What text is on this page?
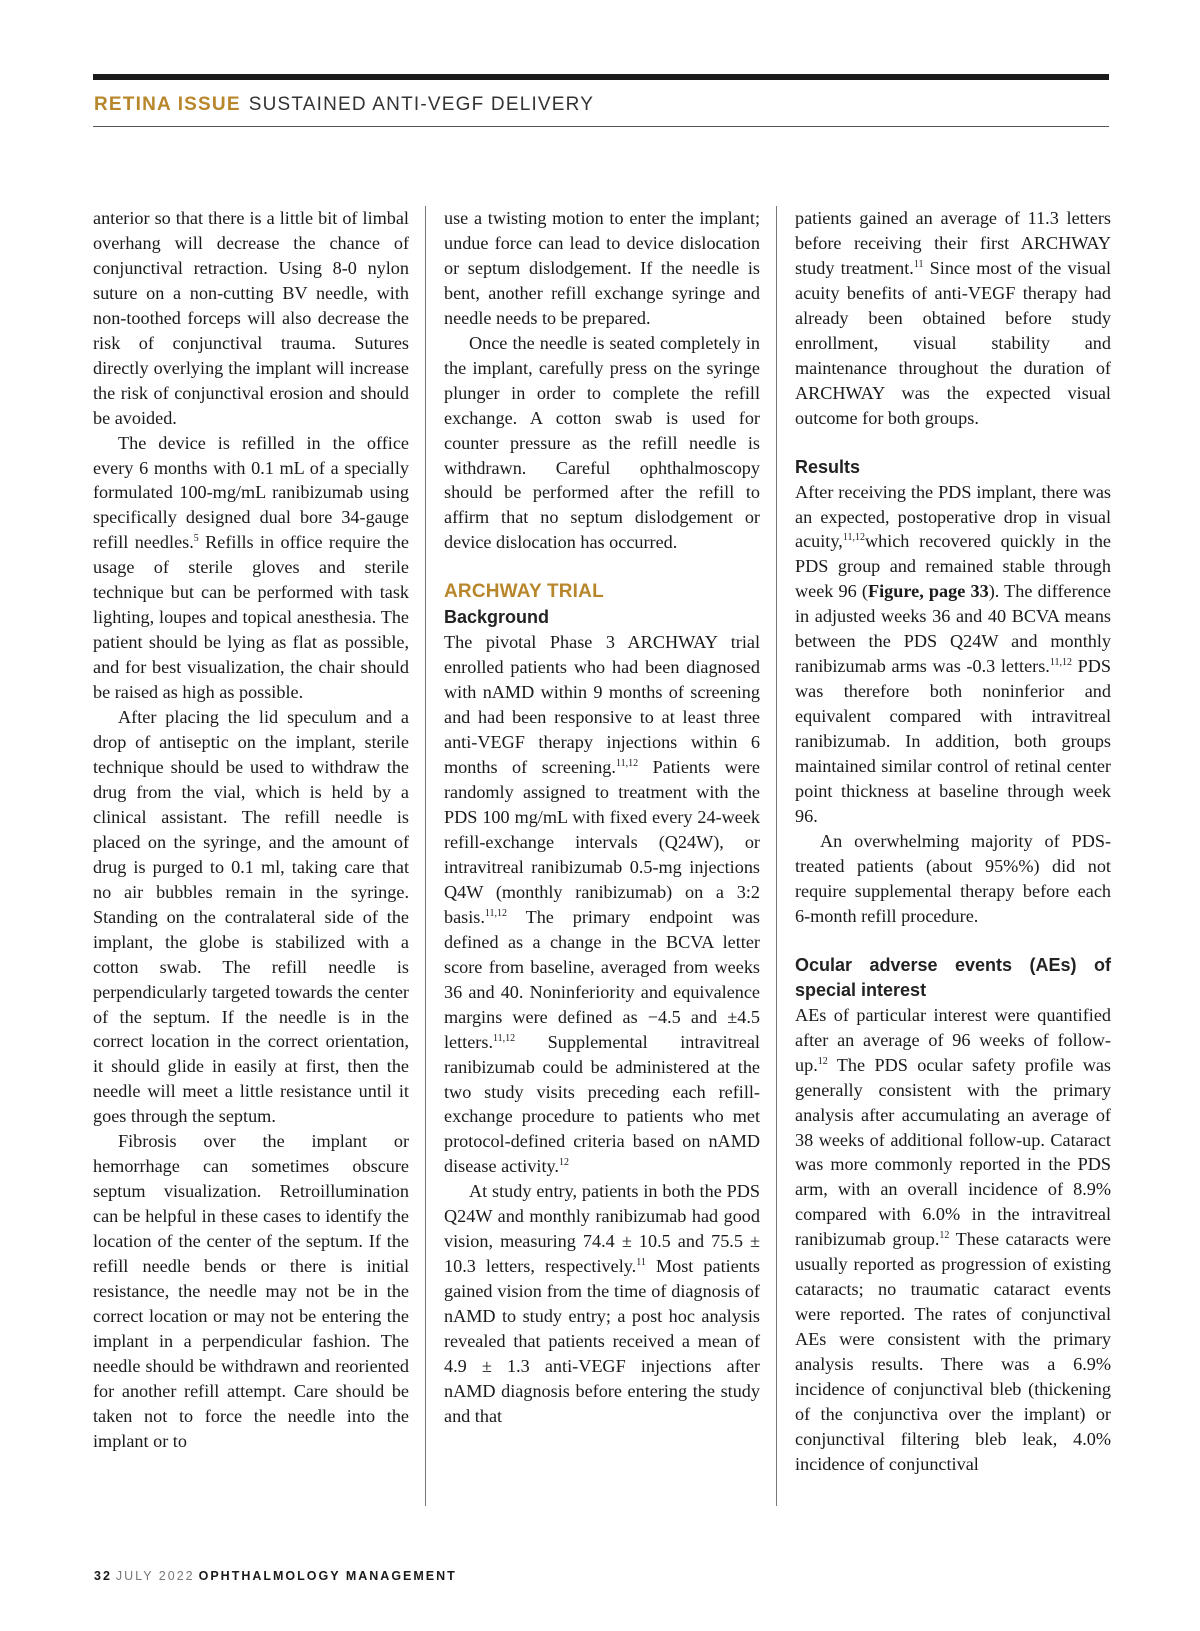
RETINA ISSUE SUSTAINED ANTI-VEGF DELIVERY

anterior so that there is a little bit of limbal overhang will decrease the chance of conjunctival retraction. Using 8-0 nylon suture on a non-cutting BV needle, with non-toothed forceps will also decrease the risk of conjunctival trauma. Sutures directly overlying the implant will increase the risk of conjunctival erosion and should be avoided.

The device is refilled in the office every 6 months with 0.1 mL of a specially formulated 100-mg/mL ranibizumab using specifically designed dual bore 34-gauge refill needles.$^5$ Refills in office require the usage of sterile gloves and sterile technique but can be performed with task lighting, loupes and topical anesthesia. The patient should be lying as flat as possible, and for best visualization, the chair should be raised as high as possible.

After placing the lid speculum and a drop of antiseptic on the implant, sterile technique should be used to withdraw the drug from the vial, which is held by a clinical assistant. The refill needle is placed on the syringe, and the amount of drug is purged to 0.1 ml, taking care that no air bubbles remain in the syringe. Standing on the contralateral side of the implant, the globe is stabilized with a cotton swab. The refill needle is perpendicularly targeted towards the center of the septum. If the needle is in the correct location in the correct orientation, it should glide in easily at first, then the needle will meet a little resistance until it goes through the septum.

Fibrosis over the implant or hemorrhage can sometimes obscure septum visualization. Retroillumination can be helpful in these cases to identify the location of the center of the septum. If the refill needle bends or there is initial resistance, the needle may not be in the correct location or may not be entering the implant in a perpendicular fashion. The needle should be withdrawn and reoriented for another refill attempt. Care should be taken not to force the needle into the implant or to

use a twisting motion to enter the implant; undue force can lead to device dislocation or septum dislodgement. If the needle is bent, another refill exchange syringe and needle needs to be prepared.

Once the needle is seated completely in the implant, carefully press on the syringe plunger in order to complete the refill exchange. A cotton swab is used for counter pressure as the refill needle is withdrawn. Careful ophthalmoscopy should be performed after the refill to affirm that no septum dislodgement or device dislocation has occurred.

ARCHWAY TRIAL

Background

The pivotal Phase 3 ARCHWAY trial enrolled patients who had been diagnosed with nAMD within 9 months of screening and had been responsive to at least three anti-VEGF therapy injections within 6 months of screening.$^{11,12}$ Patients were randomly assigned to treatment with the PDS 100 mg/mL with fixed every 24-week refill-exchange intervals (Q24W), or intravitreal ranibizumab 0.5-mg injections Q4W (monthly ranibizumab) on a 3:2 basis.$^{11,12}$ The primary endpoint was defined as a change in the BCVA letter score from baseline, averaged from weeks 36 and 40. Noninferiority and equivalence margins were defined as −4.5 and ±4.5 letters.$^{11,12}$ Supplemental intravitreal ranibizumab could be administered at the two study visits preceding each refill-exchange procedure to patients who met protocol-defined criteria based on nAMD disease activity.$^{12}$

At study entry, patients in both the PDS Q24W and monthly ranibizumab had good vision, measuring 74.4 ± 10.5 and 75.5 ± 10.3 letters, respectively.$^{11}$ Most patients gained vision from the time of diagnosis of nAMD to study entry; a post hoc analysis revealed that patients received a mean of 4.9 ± 1.3 anti-VEGF injections after nAMD diagnosis before entering the study and that

patients gained an average of 11.3 letters before receiving their first ARCHWAY study treatment.$^{11}$ Since most of the visual acuity benefits of anti-VEGF therapy had already been obtained before study enrollment, visual stability and maintenance throughout the duration of ARCHWAY was the expected visual outcome for both groups.

Results

After receiving the PDS implant, there was an expected, postoperative drop in visual acuity,$^{11,12}$which recovered quickly in the PDS group and remained stable through week 96 (Figure, page 33). The difference in adjusted weeks 36 and 40 BCVA means between the PDS Q24W and monthly ranibizumab arms was -0.3 letters.$^{11,12}$ PDS was therefore both noninferior and equivalent compared with intravitreal ranibizumab. In addition, both groups maintained similar control of retinal center point thickness at baseline through week 96.

An overwhelming majority of PDS-treated patients (about 95%%) did not require supplemental therapy before each 6-month refill procedure.

Ocular adverse events (AEs) of special interest

AEs of particular interest were quantified after an average of 96 weeks of follow-up.$^{12}$ The PDS ocular safety profile was generally consistent with the primary analysis after accumulating an average of 38 weeks of additional follow-up. Cataract was more commonly reported in the PDS arm, with an overall incidence of 8.9% compared with 6.0% in the intravitreal ranibizumab group.$^{12}$ These cataracts were usually reported as progression of existing cataracts; no traumatic cataract events were reported. The rates of conjunctival AEs were consistent with the primary analysis results. There was a 6.9% incidence of conjunctival bleb (thickening of the conjunctiva over the implant) or conjunctival filtering bleb leak, 4.0% incidence of conjunctival

32 JULY 2022 OPHTHALMOLOGY MANAGEMENT
